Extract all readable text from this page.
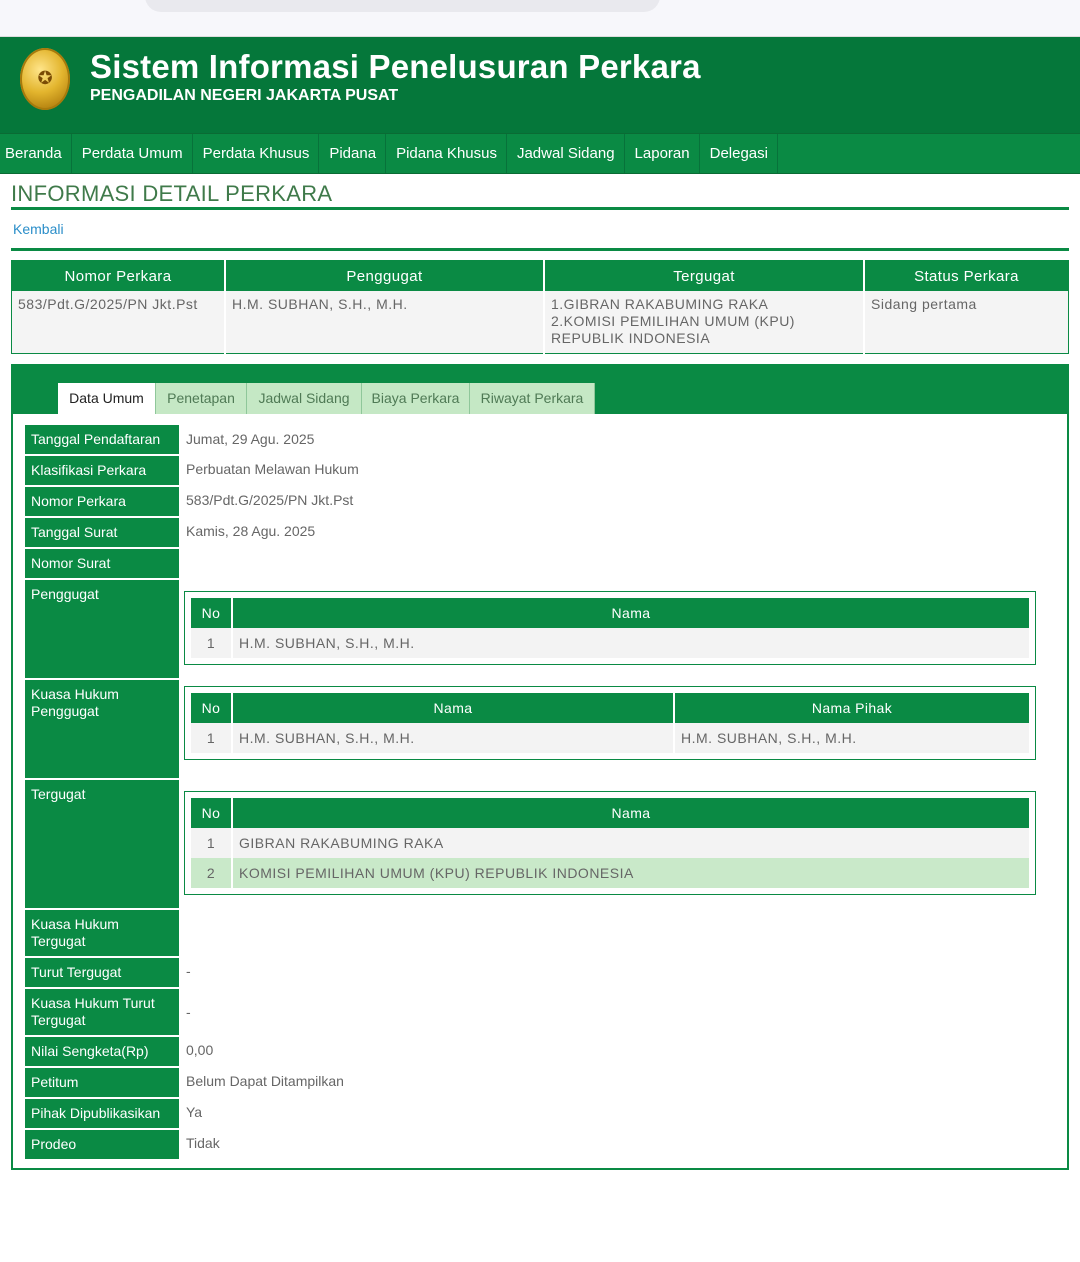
✪	Sistem Informasi Penelusuran Perkara
PENGADILAN NEGERI JAKARTA PUSAT
Beranda	Perdata Umum	Perdata Khusus	Pidana	Pidana Khusus	Jadwal Sidang	Laporan	Delegasi
INFORMASI DETAIL PERKARA
Kembali
Nomor Perkara	Penggugat	Tergugat	Status Perkara
583/Pdt.G/2025/PN Jkt.Pst	H.M. SUBHAN, S.H., M.H.	1.GIBRAN RAKABUMING RAKA
2.KOMISI PEMILIHAN UMUM (KPU) REPUBLIK INDONESIA	Sidang pertama
Data Umum	Penetapan	Jadwal Sidang	Biaya Perkara	Riwayat Perkara
Tanggal Pendaftaran	Jumat, 29 Agu. 2025
Klasifikasi Perkara	Perbuatan Melawan Hukum
Nomor Perkara	583/Pdt.G/2025/PN Jkt.Pst
Tanggal Surat	Kamis, 28 Agu. 2025
Nomor Surat	
Penggugat	
No	Nama
1	H.M. SUBHAN, S.H., M.H.

Kuasa Hukum Penggugat		No	Nama	Nama Pihak
1	H.M. SUBHAN, S.H., M.H.	H.M. SUBHAN, S.H., M.H.

Tergugat	
No	Nama
1	GIBRAN RAKABUMING RAKA
2	KOMISI PEMILIHAN UMUM (KPU) REPUBLIK INDONESIA

Kuasa Hukum Tergugat	
Turut Tergugat	-
Kuasa Hukum Turut Tergugat	-
Nilai Sengketa(Rp)	0,00
Petitum	Belum Dapat Ditampilkan
Pihak Dipublikasikan	Ya
Prodeo	Tidak
